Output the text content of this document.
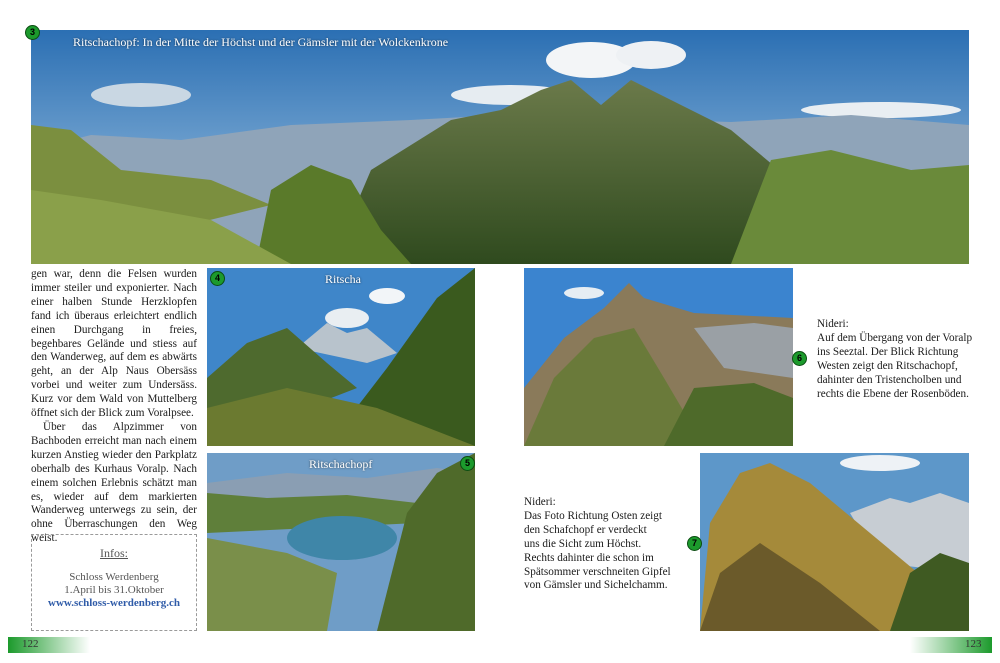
3
Ritschachopf: In der Mitte der Höchst und der Gämsler mit der Wolckenkrone

gen war, denn die Felsen wurden immer steiler und exponierter. Nach einer halben Stunde Herzklopfen fand ich überaus erleichtert endlich einen Durchgang in freies, begehbares Gelände und stiess auf den Wanderweg, auf dem es abwärts geht, an der Alp Naus Obersäss vorbei und weiter zum Undersäss. Kurz vor dem Wald von Muttelberg öffnet sich der Blick zum Voralpsee.

Über das Alpzimmer von Bachboden erreicht man nach einem kurzen Anstieg wieder den Parkplatz oberhalb des Kurhaus Voralp. Nach einem solchen Erlebnis schätzt man es, wieder auf dem markierten Wanderweg unterwegs zu sein, der ohne Überraschungen den Weg weist.

Infos:
Schloss Werdenberg
1.April bis 31.Oktober
www.schloss-werdenberg.ch
4	Ritscha
5
Ritschachopf
6
Nideri:
Auf dem Übergang von der Voralp
ins Seeztal. Der Blick Richtung
Westen zeigt den Ritschachopf,
dahinter den Tristencholben und
rechts die Ebene der Rosenböden.
7
Nideri:
Das Foto Richtung Osten zeigt
den Schafchopf er verdeckt
uns die Sicht zum Höchst.
Rechts dahinter die schon im
Spätsommer verschneiten Gipfel
von Gämsler und Sichelchamm.
122	123
